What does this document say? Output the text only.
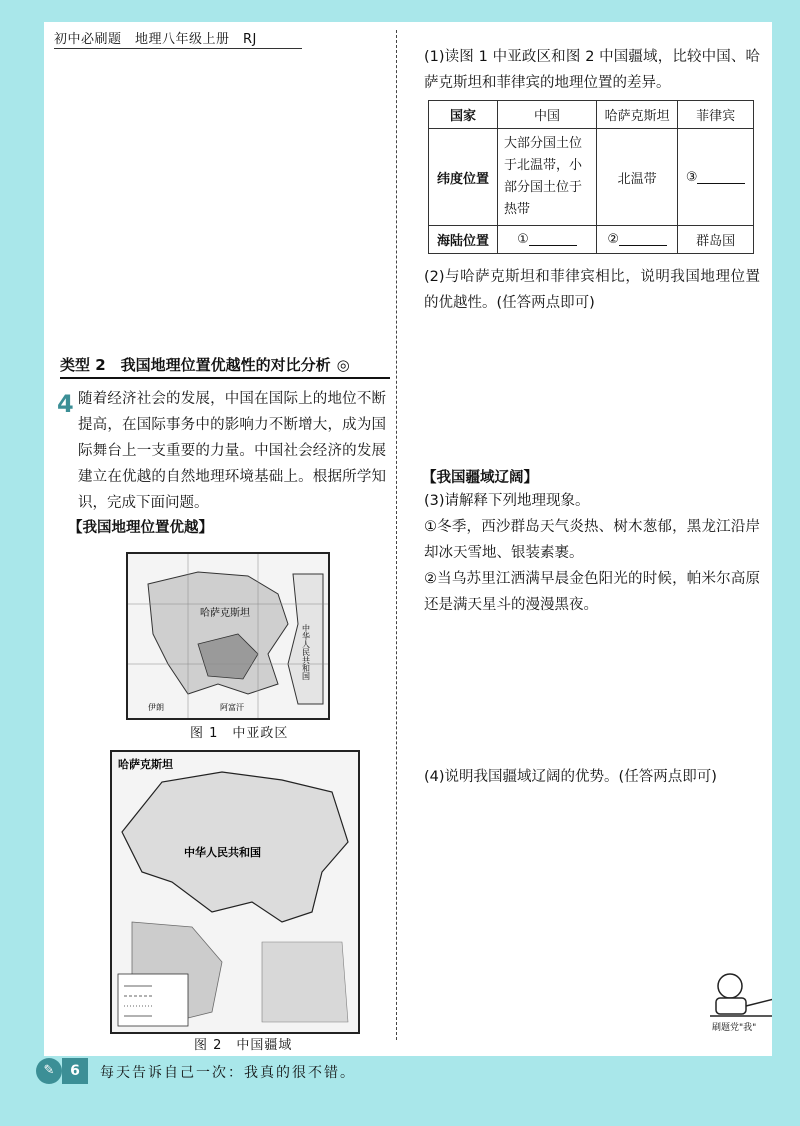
初中必刷题　地理八年级上册　RJ
类型 2　我国地理位置优越性的对比分析 ◎
4 随着经济社会的发展，中国在国际上的地位不断提高，在国际事务中的影响力不断增大，成为国际舞台上一支重要的力量。中国社会经济的发展建立在优越的自然地理环境基础上。根据所学知识，完成下面问题。
【我国地理位置优越】
哈萨克斯坦
中华人民共和国
伊朗	阿富汗
图 1　中亚政区
哈萨克斯坦
中华人民共和国
图 2　中国疆域
(1)读图 1 中亚政区和图 2 中国疆域，比较中国、哈萨克斯坦和菲律宾的地理位置的差异。
国家	中国	哈萨克斯坦	菲律宾
纬度位置	大部分国土位于北温带，小部分国土位于热带	北温带	③
海陆位置	①	②	群岛国
(2)与哈萨克斯坦和菲律宾相比，说明我国地理位置的优越性。(任答两点即可)
【我国疆域辽阔】
(3)请解释下列地理现象。
①冬季，西沙群岛天气炎热、树木葱郁，黑龙江沿岸却冰天雪地、银装素裹。
②当乌苏里江洒满早晨金色阳光的时候，帕米尔高原还是满天星斗的漫漫黑夜。
(4)说明我国疆域辽阔的优势。(任答两点即可)
刷题党"我"
✎	6	每天告诉自己一次：我真的很不错。
